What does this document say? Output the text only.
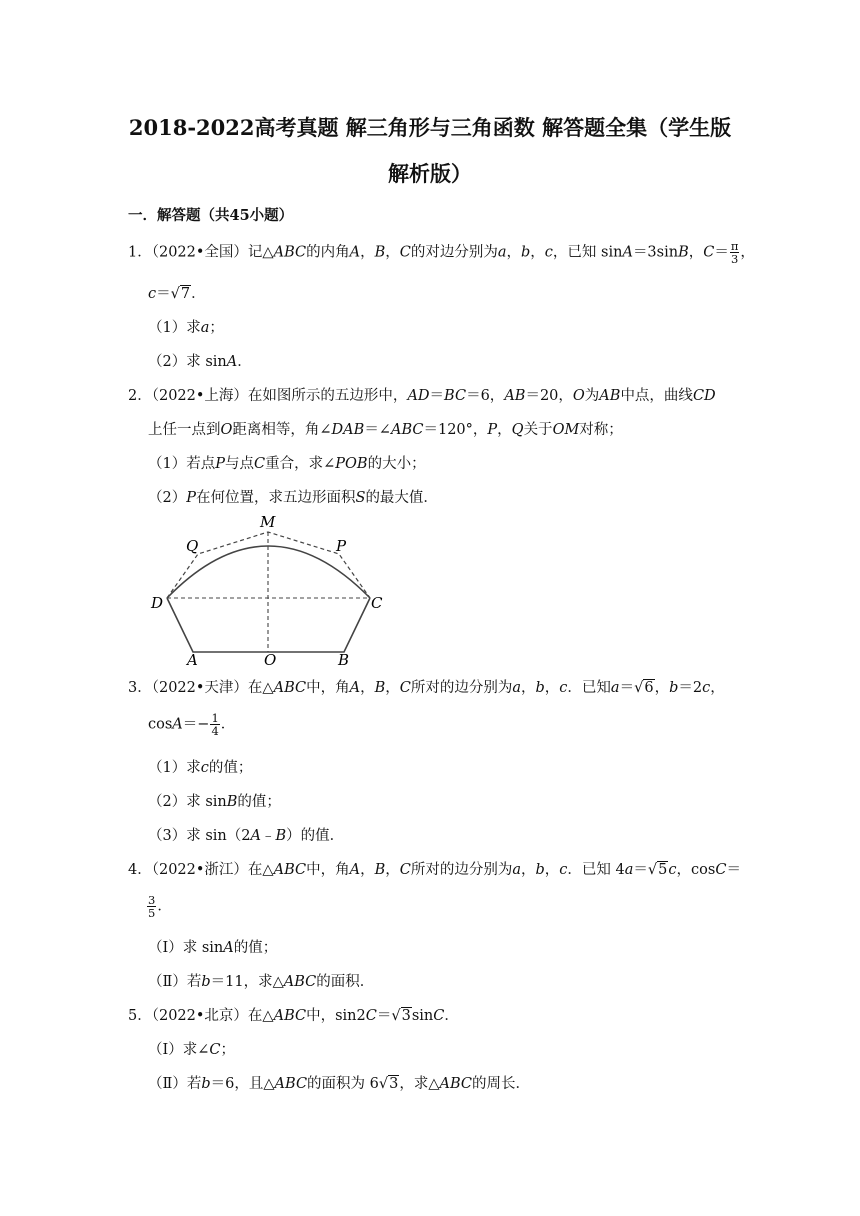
2018-2022高考真题 解三角形与三角函数 解答题全集（学生版
解析版）
一．解答题（共45小题）
1．（2022•全国）记△ABC的内角A，B，C的对边分别为a，b，c，已知 sinA＝3sinB，$C= \frac{\pi}{3}$ ，
c＝√7．
（1）求a；
（2）求 sinA．
2．（2022•上海）在如图所示的五边形中，AD＝BC＝6，AB＝20，O为AB中点，曲线CD
上任一点到O距离相等，角∠DAB＝∠ABC＝120°，P，Q关于OM对称；
（1）若点P与点C重合，求∠POB的大小；
（2）P在何位置，求五边形面积S的最大值．
M
Q	P
D	C
A	O	B
3．（2022•天津）在△ABC中，角A，B，C所对的边分别为a，b，c．已知a＝√6，b＝2c，
$\cos A=- \frac{1}{4}$ ．
（1）求c的值；
（2）求 sinB的值；
（3）求 sin（2A﹣B）的值．
4．（2022•浙江）在△ABC中，角A，B，C所对的边分别为a，b，c．已知 4a＝√5c，cosC＝
$\frac{3}{5}$ ．
（Ⅰ）求 sinA的值；
（Ⅱ）若b＝11，求△ABC的面积．
5．（2022•北京）在△ABC中，sin2C＝√3sinC．
（Ⅰ）求∠C；
（Ⅱ）若b＝6，且△ABC的面积为 6√3，求△ABC的周长．
